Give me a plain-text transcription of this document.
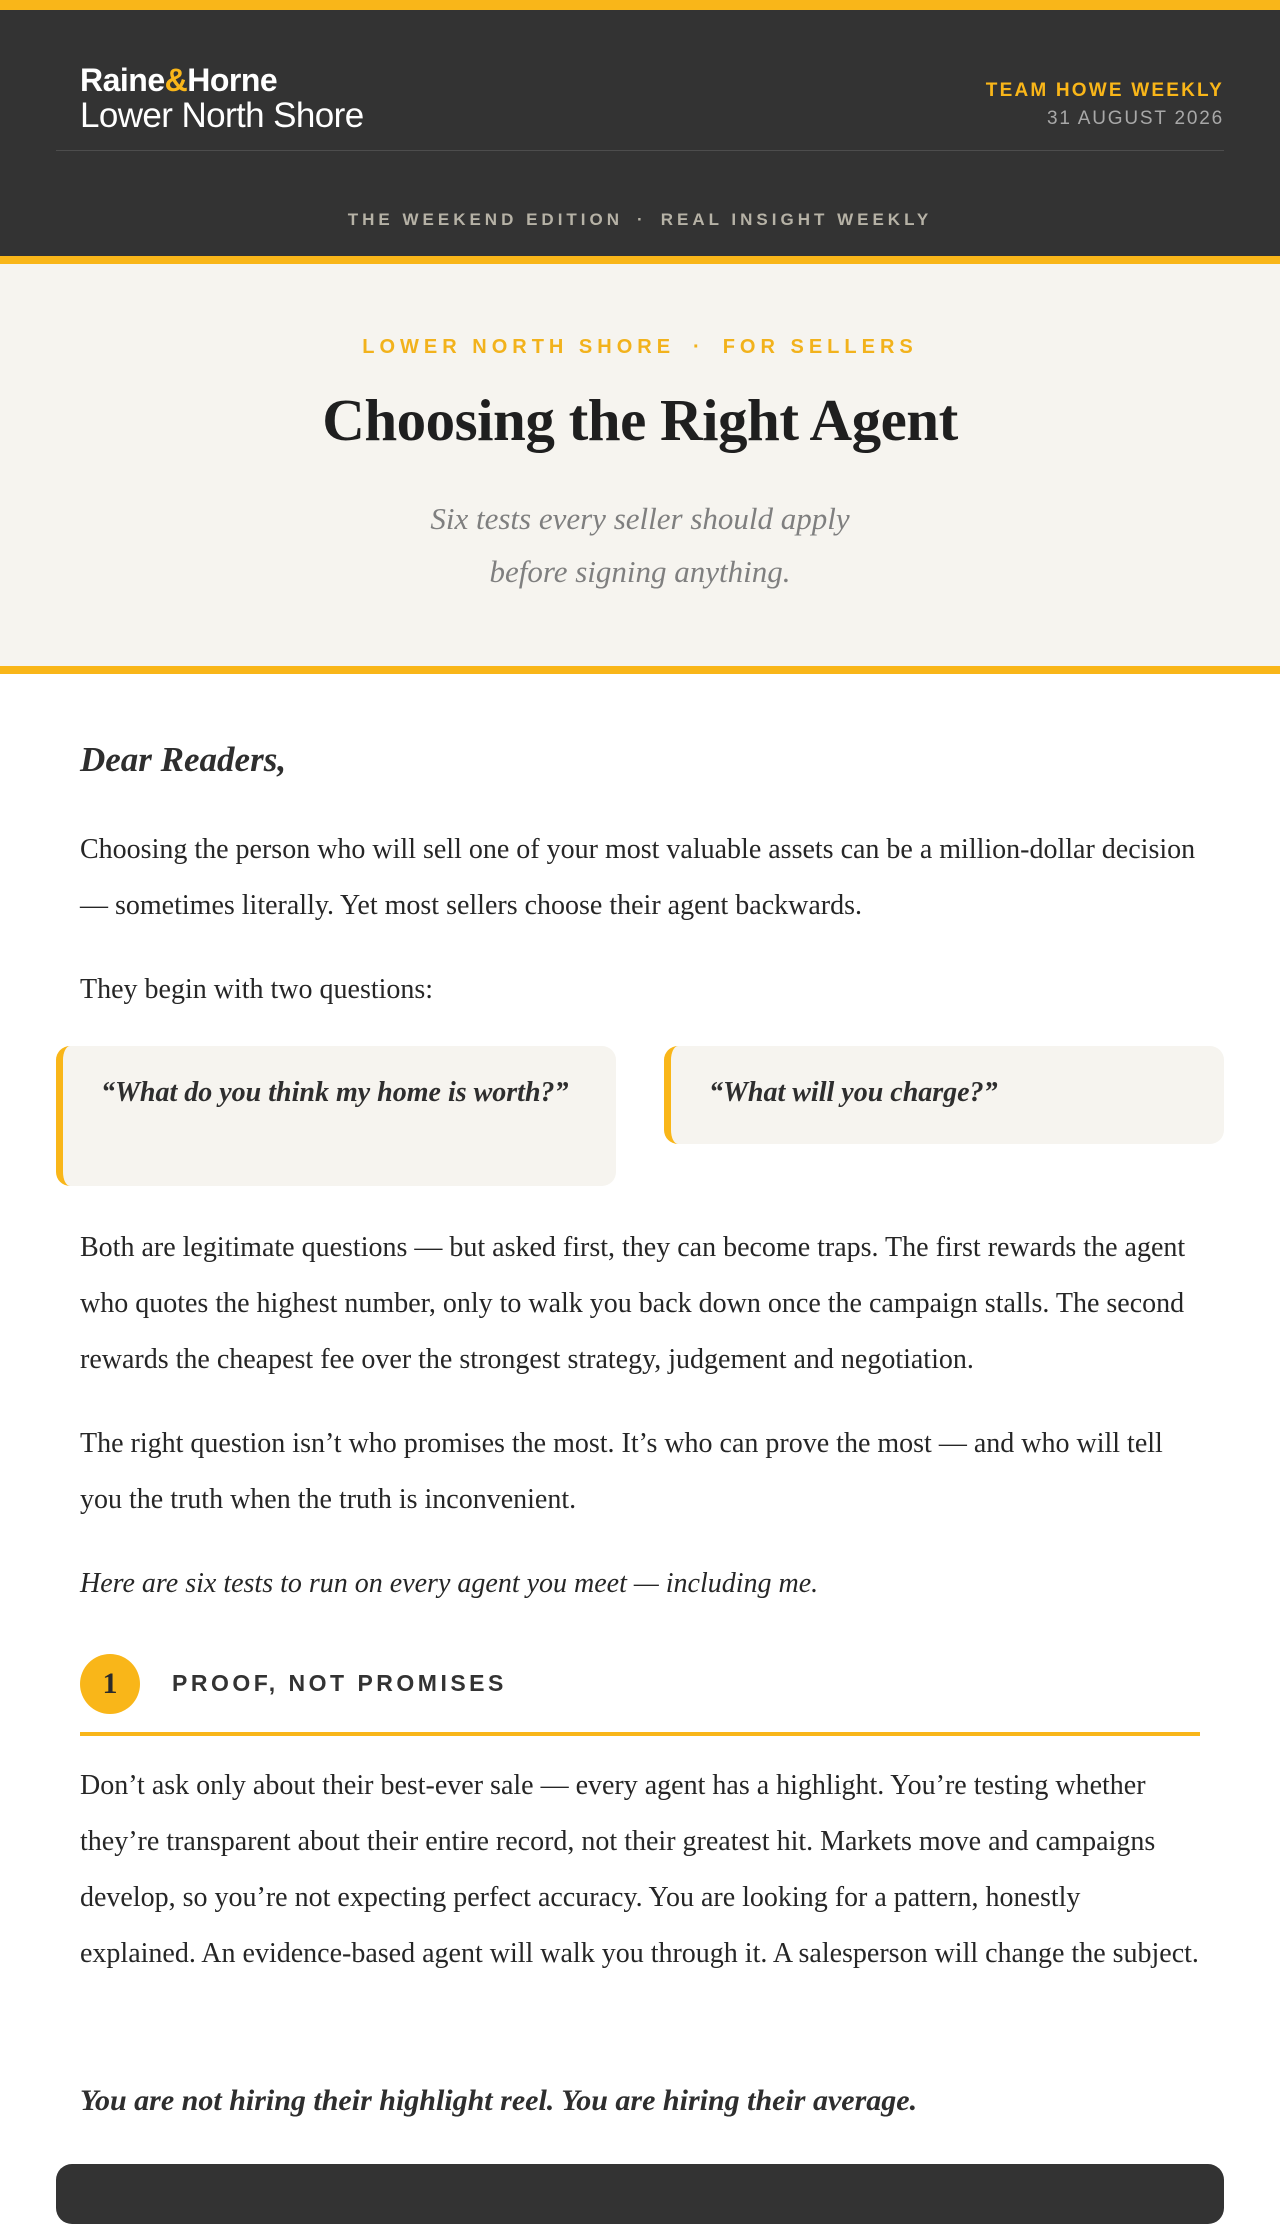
Raine&Horne
Lower North Shore
TEAM HOWE WEEKLY
31 AUGUST 2026
THE WEEKEND EDITION · REAL INSIGHT WEEKLY
LOWER NORTH SHORE · FOR SELLERS
Choosing the Right Agent
Six tests every seller should apply
before signing anything.
Dear Readers,

Choosing the person who will sell one of your most valuable assets can be a million-dollar decision — sometimes literally. Yet most sellers choose their agent backwards.

They begin with two questions:

“What do you think my home is worth?”	“What will you charge?”

Both are legitimate questions — but asked first, they can become traps. The first rewards the agent who quotes the highest number, only to walk you back down once the campaign stalls. The second rewards the cheapest fee over the strongest strategy, judgement and negotiation.

The right question isn’t who promises the most. It’s who can prove the most — and who will tell you the truth when the truth is inconvenient.

Here are six tests to run on every agent you meet — including me.

1	PROOF, NOT PROMISES

Don’t ask only about their best-ever sale — every agent has a highlight. You’re testing whether they’re transparent about their entire record, not their greatest hit. Markets move and campaigns develop, so you’re not expecting perfect accuracy. You are looking for a pattern, honestly explained. An evidence-based agent will walk you through it. A salesperson will change the subject.

You are not hiring their highlight reel. You are hiring their average.
